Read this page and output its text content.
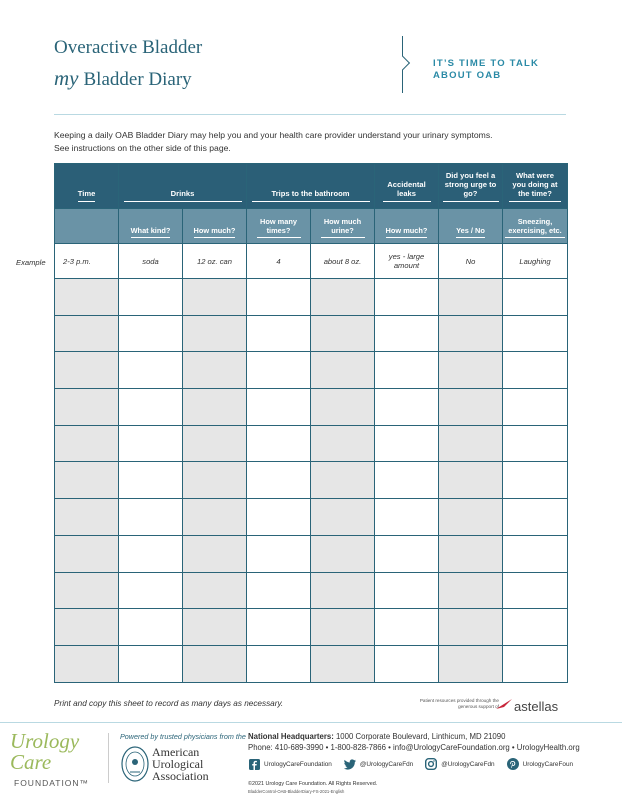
Overactive Bladder
my Bladder Diary
IT’S TIME TO TALK ABOUT OAB
Keeping a daily OAB Bladder Diary may help you and your health care provider understand your urinary symptoms.
See instructions on the other side of this page.
Example
Time	Drinks		Trips to the bathroom		Accidental leaks	Did you feel a strong urge to go?	What were you doing at the time?

	What kind?	How much?	How many times?	How much urine?	How much?	Yes / No	Sneezing, exercising, etc.

2-3 p.m.	soda	12 oz. can	4	about 8 oz.	yes - large amount	No	Laughing

Print and copy this sheet to record as many days as necessary.	Patient resources provided through the generous support of astellas
Urology
Care
FOUNDATION™
Powered by trusted physicians from the
American
Urological
Association
National Headquarters: 1000 Corporate Boulevard, Linthicum, MD 21090
Phone: 410-689-3990 • 1-800-828-7866 • info@UrologyCareFoundation.org • UrologyHealth.org
UrologyCareFoundation	@UrologyCareFdn	@UrologyCareFdn	UrologyCareFoun
©2021 Urology Care Foundation. All Rights Reserved.
BladderControl-OAB-BladderDiary-FS-2021-English
